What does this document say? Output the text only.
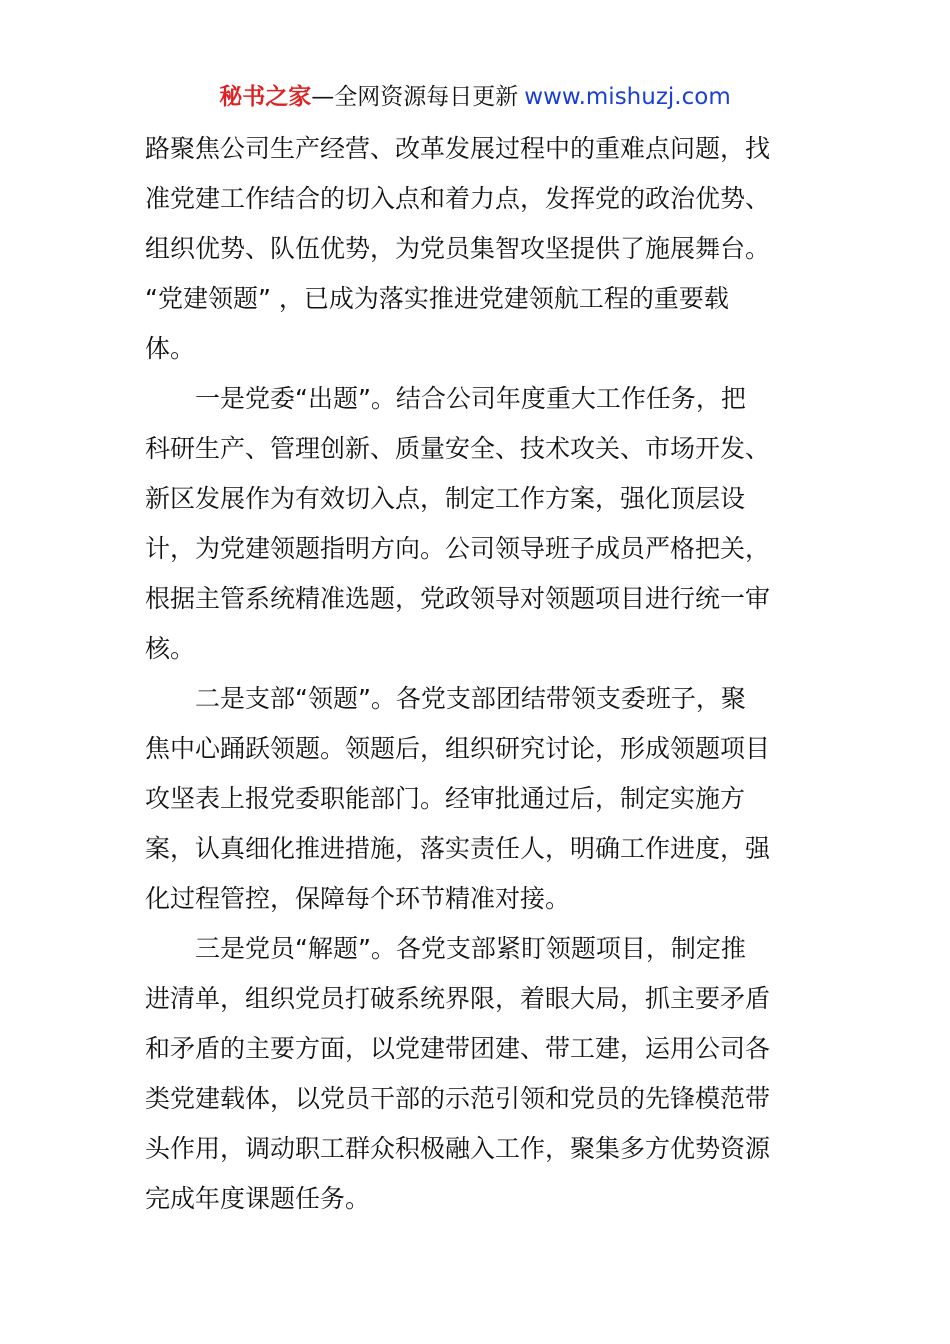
秘书之家—全网资源每日更新 www.mishuzj.com
路聚焦公司生产经营、改革发展过程中的重难点问题，找
准党建工作结合的切入点和着力点，发挥党的政治优势、
组织优势、队伍优势，为党员集智攻坚提供了施展舞台。
“党建领题” ，已成为落实推进党建领航工程的重要载
体。
一是党委“出题”。结合公司年度重大工作任务，把
科研生产、管理创新、质量安全、技术攻关、市场开发、
新区发展作为有效切入点，制定工作方案，强化顶层设
计，为党建领题指明方向。公司领导班子成员严格把关，
根据主管系统精准选题，党政领导对领题项目进行统一审
核。
二是支部“领题”。各党支部团结带领支委班子，聚
焦中心踊跃领题。领题后，组织研究讨论，形成领题项目
攻坚表上报党委职能部门。经审批通过后，制定实施方
案，认真细化推进措施，落实责任人，明确工作进度，强
化过程管控，保障每个环节精准对接。
三是党员“解题”。各党支部紧盯领题项目，制定推
进清单，组织党员打破系统界限，着眼大局，抓主要矛盾
和矛盾的主要方面，以党建带团建、带工建，运用公司各
类党建载体，以党员干部的示范引领和党员的先锋模范带
头作用，调动职工群众积极融入工作，聚集多方优势资源
完成年度课题任务。
